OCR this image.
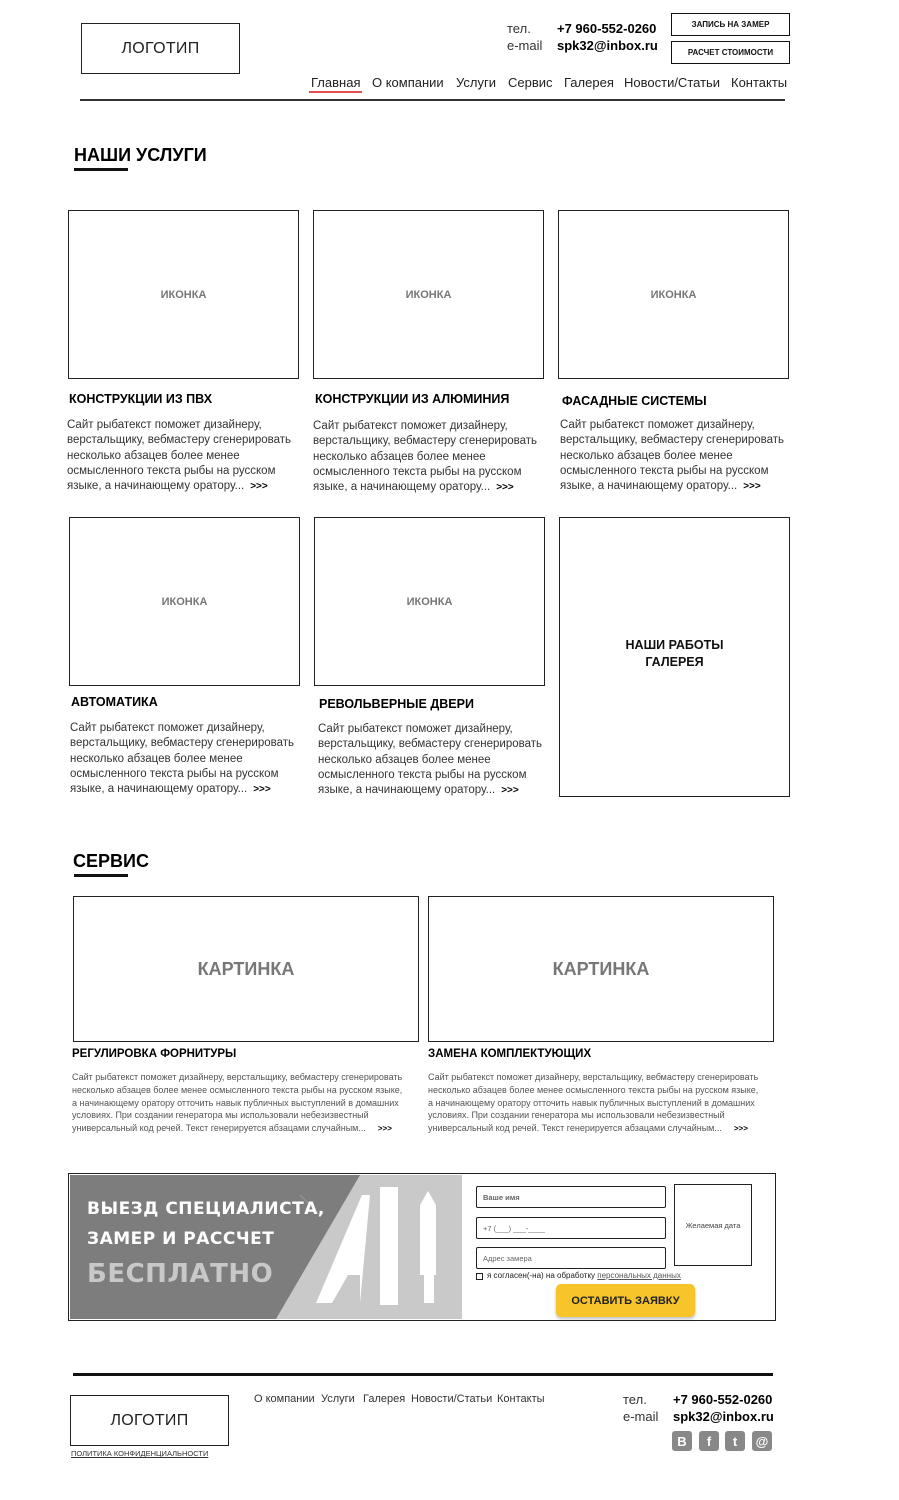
ЛОГОТИП
тел. +7 960-552-0260
e-mail spk32@inbox.ru
ЗАПИСЬ НА ЗАМЕР
РАСЧЕТ СТОИМОСТИ
Главная О компании Услуги Сервис Галерея Новости/Статьи Контакты
НАШИ УСЛУГИ
ИКОНКА
КОНСТРУКЦИИ ИЗ ПВХ
Сайт рыбатекст поможет дизайнеру, верстальщику, вебмастеру сгенерировать несколько абзацев более менее осмысленного текста рыбы на русском языке, а начинающему оратору... >>>
ИКОНКА
КОНСТРУКЦИИ ИЗ АЛЮМИНИЯ
Сайт рыбатекст поможет дизайнеру, верстальщику, вебмастеру сгенерировать несколько абзацев более менее осмысленного текста рыбы на русском языке, а начинающему оратору... >>>
ИКОНКА
ФАСАДНЫЕ СИСТЕМЫ
Сайт рыбатекст поможет дизайнеру, верстальщику, вебмастеру сгенерировать несколько абзацев более менее осмысленного текста рыбы на русском языке, а начинающему оратору... >>>
ИКОНКА
АВТОМАТИКА
Сайт рыбатекст поможет дизайнеру, верстальщику, вебмастеру сгенерировать несколько абзацев более менее осмысленного текста рыбы на русском языке, а начинающему оратору... >>>
ИКОНКА
РЕВОЛЬВЕРНЫЕ ДВЕРИ
Сайт рыбатекст поможет дизайнеру, верстальщику, вебмастеру сгенерировать несколько абзацев более менее осмысленного текста рыбы на русском языке, а начинающему оратору... >>>
НАШИ РАБОТЫ
ГАЛЕРЕЯ
СЕРВИС
КАРТИНКА
РЕГУЛИРОВКА ФОРНИТУРЫ
Сайт рыбатекст поможет дизайнеру, верстальщику, вебмастеру сгенерировать несколько абзацев более менее осмысленного текста рыбы на русском языке, а начинающему оратору отточить навык публичных выступлений в домашних условиях. При создании генератора мы использовали небезизвестный универсальный код речей. Текст генерируется абзацами случайным... >>>
КАРТИНКА
ЗАМЕНА КОМПЛЕКТУЮЩИХ
Сайт рыбатекст поможет дизайнеру, верстальщику, вебмастеру сгенерировать несколько абзацев более менее осмысленного текста рыбы на русском языке, а начинающему оратору отточить навык публичных выступлений в домашних условиях. При создании генератора мы использовали небезизвестный универсальный код речей. Текст генерируется абзацами случайным... >>>
ВЫЕЗД СПЕЦИАЛИСТА,
ЗАМЕР И РАССЧЕТ
БЕСПЛАТНО
Ваше имя
+7 (___) ___-____
Адрес замера
Желаемая дата
я согласен(-на) на обработку персональных данных
ОСТАВИТЬ ЗАЯВКУ
ЛОГОТИП
ПОЛИТИКА КОНФИДЕНЦИАЛЬНОСТИ
О компании Услуги Галерея Новости/Статьи Контакты	тел. +7 960-552-0260
e-mail spk32@inbox.ru
B	f	t	@
